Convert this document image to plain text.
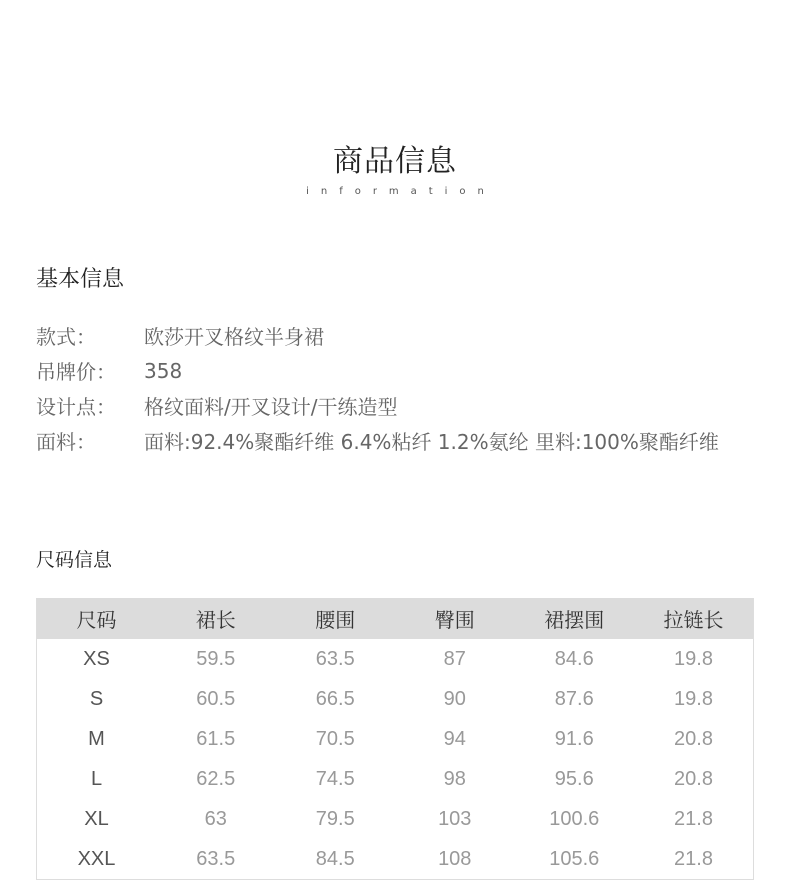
商品信息
information
基本信息
款式：	欧莎开叉格纹半身裙
吊牌价：	358
设计点：	格纹面料/开叉设计/干练造型
面料：	面料:92.4%聚酯纤维 6.4%粘纤 1.2%氨纶 里料:100%聚酯纤维
尺码信息
尺码	裙长	腰围	臀围	裙摆围	拉链长
XS	59.5	63.5	87	84.6	19.8
S	60.5	66.5	90	87.6	19.8
M	61.5	70.5	94	91.6	20.8
L	62.5	74.5	98	95.6	20.8
XL	63	79.5	103	100.6	21.8
XXL	63.5	84.5	108	105.6	21.8
